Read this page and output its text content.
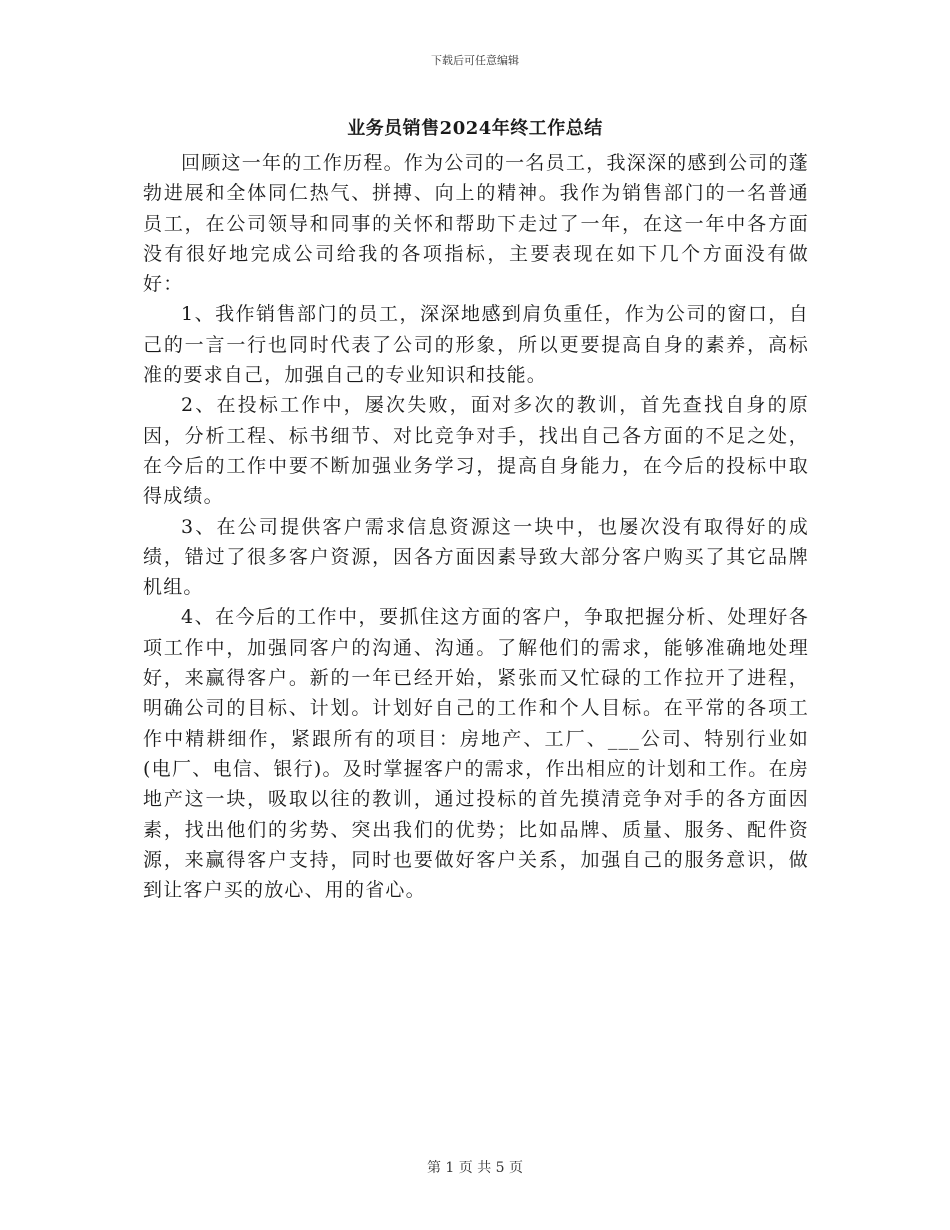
下载后可任意编辑
业务员销售2024年终工作总结

回顾这一年的工作历程。作为公司的一名员工，我深深的感到公司的蓬勃进展和全体同仁热气、拼搏、向上的精神。我作为销售部门的一名普通员工，在公司领导和同事的关怀和帮助下走过了一年，在这一年中各方面没有很好地完成公司给我的各项指标，主要表现在如下几个方面没有做好：

1、我作销售部门的员工，深深地感到肩负重任，作为公司的窗口，自己的一言一行也同时代表了公司的形象，所以更要提高自身的素养，高标准的要求自己，加强自己的专业知识和技能。

2、在投标工作中，屡次失败，面对多次的教训，首先查找自身的原因，分析工程、标书细节、对比竞争对手，找出自己各方面的不足之处，在今后的工作中要不断加强业务学习，提高自身能力，在今后的投标中取得成绩。

3、在公司提供客户需求信息资源这一块中，也屡次没有取得好的成绩，错过了很多客户资源，因各方面因素导致大部分客户购买了其它品牌机组。

4、在今后的工作中，要抓住这方面的客户，争取把握分析、处理好各项工作中，加强同客户的沟通、沟通。了解他们的需求，能够准确地处理好，来赢得客户。新的一年已经开始，紧张而又忙碌的工作拉开了进程，明确公司的目标、计划。计划好自己的工作和个人目标。在平常的各项工作中精耕细作，紧跟所有的项目：房地产、工厂、___公司、特别行业如(电厂、电信、银行)。及时掌握客户的需求，作出相应的计划和工作。在房地产这一块，吸取以往的教训，通过投标的首先摸清竞争对手的各方面因素，找出他们的劣势、突出我们的优势；比如品牌、质量、服务、配件资源，来赢得客户支持，同时也要做好客户关系，加强自己的服务意识，做到让客户买的放心、用的省心。

第 1 页 共 5 页
